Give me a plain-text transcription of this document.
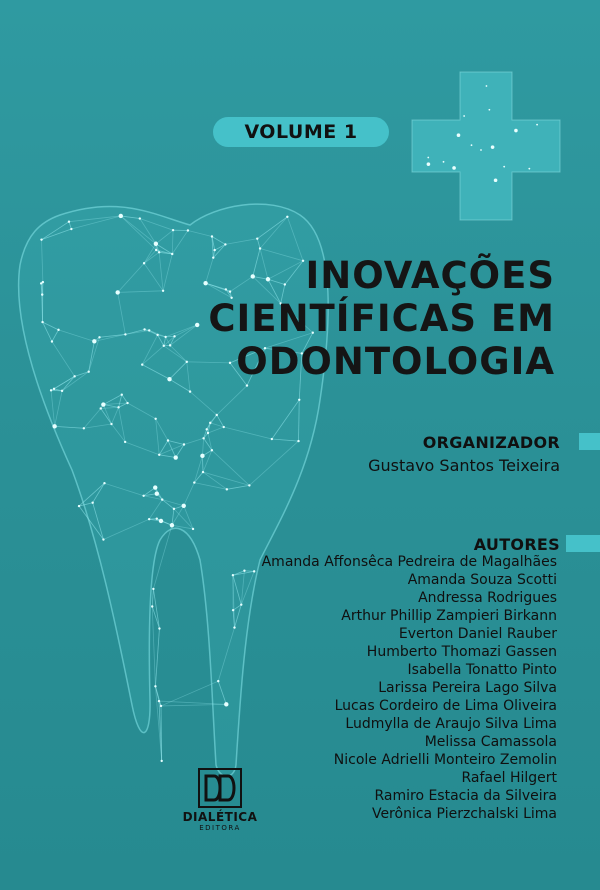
VOLUME 1
INOVAÇÕES
CIENTÍFICAS EM
ODONTOLOGIA
ORGANIZADOR
Gustavo Santos Teixeira
AUTORES
Amanda Affonsêca Pedreira de Magalhães
Amanda Souza Scotti
Andressa Rodrigues
Arthur Phillip Zampieri Birkann
Everton Daniel Rauber
Humberto Thomazi Gassen
Isabella Tonatto Pinto
Larissa Pereira Lago Silva
Lucas Cordeiro de Lima Oliveira
Ludmylla de Araujo Silva Lima
Melissa Camassola
Nicole Adrielli Monteiro Zemolin
Rafael Hilgert
Ramiro Estacia da Silveira
Verônica Pierzchalski Lima
DIALÉTICA
EDITORA
